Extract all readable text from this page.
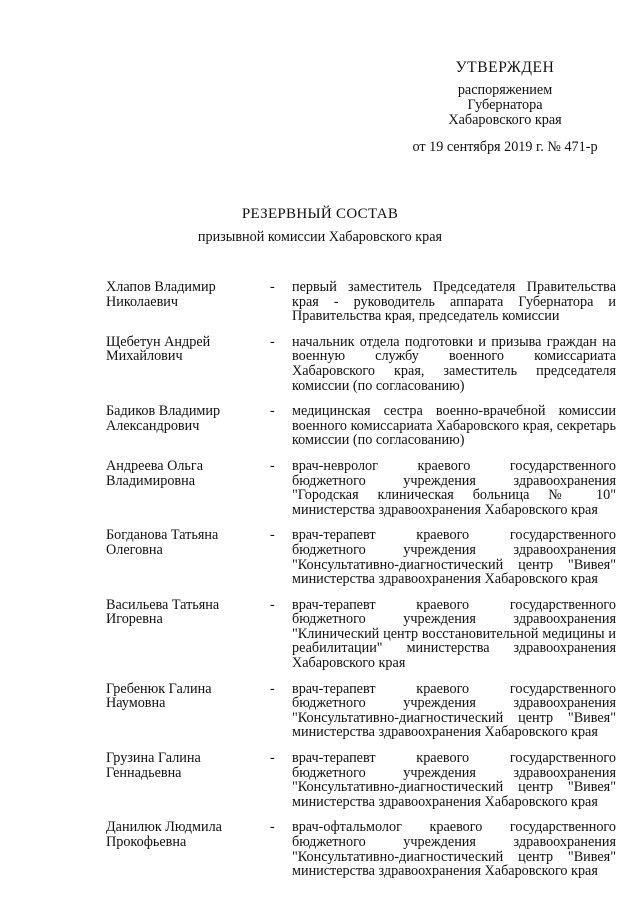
УТВЕРЖДЕН
распоряжением
Губернатора
Хабаровского края
от 19 сентября 2019 г. № 471-р
РЕЗЕРВНЫЙ СОСТАВ
призывной комиссии Хабаровского края
Хлапов Владимир
Николаевич
-	первый заместитель Председателя Правительства края - руководитель аппарата Губернатора и Правительства края, председатель комиссии
Щебетун Андрей
Михайлович
-	начальник отдела подготовки и призыва граждан на военную службу военного комиссариата Хабаровского края, заместитель председателя комиссии (по согласованию)
Бадиков Владимир
Александрович
-	медицинская сестра военно-врачебной комиссии военного комиссариата Хабаровского края, секретарь комиссии (по согласованию)
Андреева Ольга
Владимировна
-	врач-невролог краевого государственного бюджетного учреждения здравоохранения "Городская клиническая больница № 10" министерства здравоохранения Хабаровского края
Богданова Татьяна
Олеговна
-	врач-терапевт краевого государственного бюджетного учреждения здравоохранения "Консультативно-диагностический центр "Вивея" министерства здравоохранения Хабаровского края
Васильева Татьяна
Игоревна
-	врач-терапевт краевого государственного бюджетного учреждения здравоохранения "Клинический центр восстановительной медицины и реабилитации" министерства здравоохранения Хабаровского края
Гребенюк Галина
Наумовна
-	врач-терапевт краевого государственного бюджетного учреждения здравоохранения "Консультативно-диагностический центр "Вивея" министерства здравоохранения Хабаровского края
Грузина Галина
Геннадьевна
-	врач-терапевт краевого государственного бюджетного учреждения здравоохранения "Консультативно-диагностический центр "Вивея" министерства здравоохранения Хабаровского края
Данилюк Людмила
Прокофьевна
-	врач-офтальмолог краевого государственного бюджетного учреждения здравоохранения "Консультативно-диагностический центр "Вивея" министерства здравоохранения Хабаровского края
